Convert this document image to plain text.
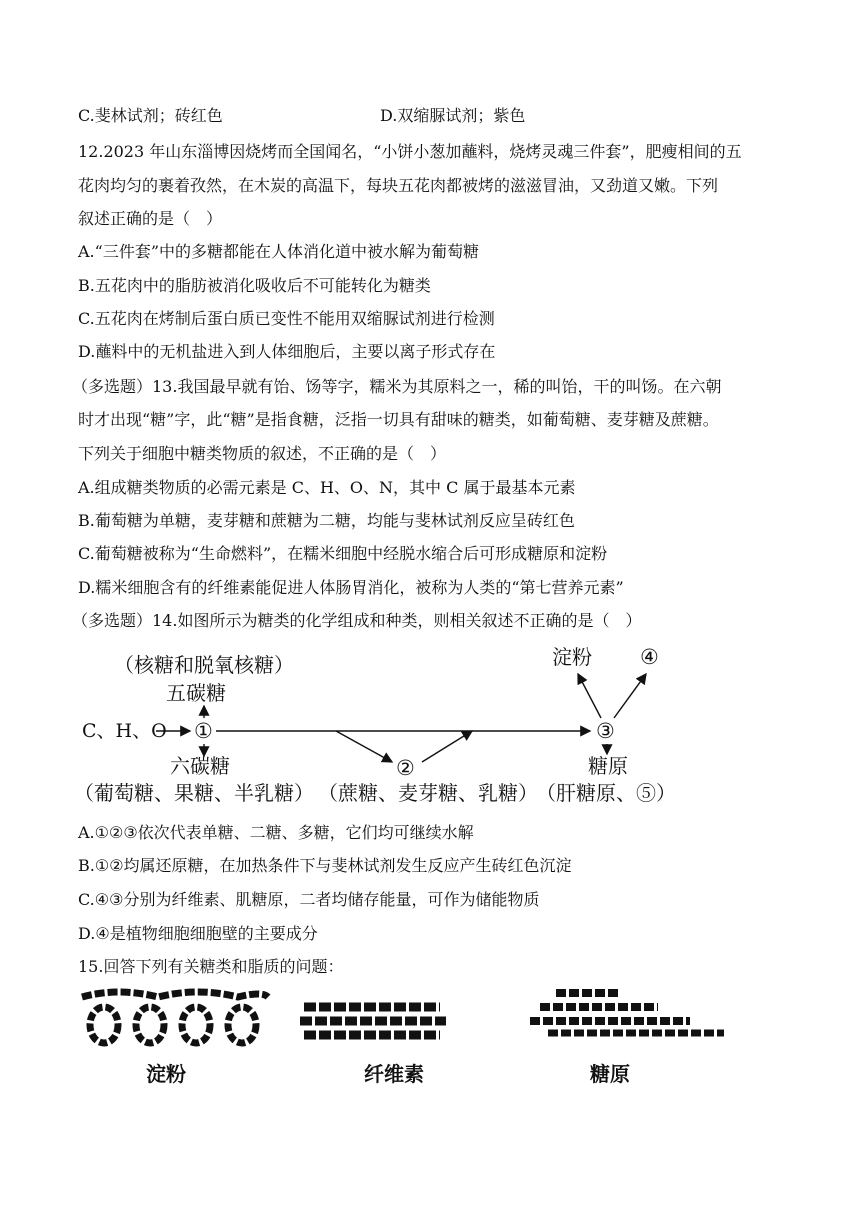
C.斐林试剂；砖红色	D.双缩脲试剂；紫色
12.2023 年山东淄博因烧烤而全国闻名，“小饼小葱加蘸料，烧烤灵魂三件套”，肥瘦相间的五
花肉均匀的裹着孜然，在木炭的高温下，每块五花肉都被烤的滋滋冒油，又劲道又嫩。下列
叙述正确的是（　）
A.“三件套”中的多糖都能在人体消化道中被水解为葡萄糖
B.五花肉中的脂肪被消化吸收后不可能转化为糖类
C.五花肉在烤制后蛋白质已变性不能用双缩脲试剂进行检测
D.蘸料中的无机盐进入到人体细胞后，主要以离子形式存在
（多选题）13.我国最早就有饴、饧等字，糯米为其原料之一，稀的叫饴，干的叫饧。在六朝
时才出现“糖”字，此“糖”是指食糖，泛指一切具有甜味的糖类，如葡萄糖、麦芽糖及蔗糖。
下列关于细胞中糖类物质的叙述，不正确的是（　）
A.组成糖类物质的必需元素是 C、H、O、N，其中 C 属于最基本元素
B.葡萄糖为单糖，麦芽糖和蔗糖为二糖，均能与斐林试剂反应呈砖红色
C.葡萄糖被称为“生命燃料”，在糯米细胞中经脱水缩合后可形成糖原和淀粉
D.糯米细胞含有的纤维素能促进人体肠胃消化，被称为人类的“第七营养元素”
（多选题）14.如图所示为糖类的化学组成和种类，则相关叙述不正确的是（　）
（核糖和脱氧核糖）
五碳糖
C、H、O ①
②
③
淀粉 ④
糖原
六碳糖
（葡萄糖、果糖、半乳糖） （蔗糖、麦芽糖、乳糖）
（肝糖原、⑤）
A.①②③依次代表单糖、二糖、多糖，它们均可继续水解
B.①②均属还原糖，在加热条件下与斐林试剂发生反应产生砖红色沉淀
C.④③分别为纤维素、肌糖原，二者均储存能量，可作为储能物质
D.④是植物细胞细胞壁的主要成分
15.回答下列有关糖类和脂质的问题：
淀粉	纤维素	糖原
